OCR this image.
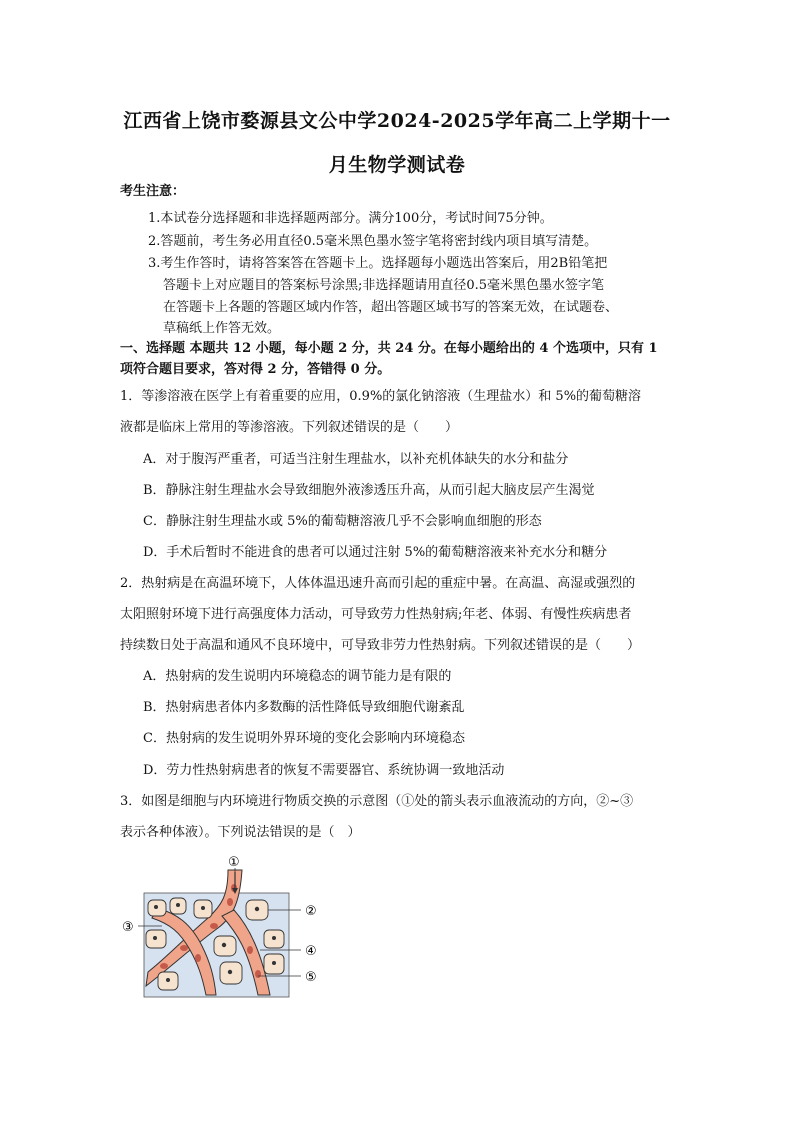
江西省上饶市婺源县文公中学2024-2025学年高二上学期十一
月生物学测试卷
考生注意：
1.本试卷分选择题和非选择题两部分。满分100分，考试时间75分钟。
2.答题前，考生务必用直径0.5毫米黑色墨水签字笔将密封线内项目填写清楚。
3.考生作答时，请将答案答在答题卡上。选择题每小题选出答案后，用2B铅笔把
答题卡上对应题目的答案标号涂黑;非选择题请用直径0.5毫米黑色墨水签字笔
在答题卡上各题的答题区域内作答，超出答题区域书写的答案无效，在试题卷、
草稿纸上作答无效。
一、选择题 本题共 12 小题，每小题 2 分，共 24 分。在每小题给出的 4 个选项中，只有 1
项符合题目要求，答对得 2 分，答错得 0 分。
1．等渗溶液在医学上有着重要的应用，0.9%的氯化钠溶液（生理盐水）和 5%的葡萄糖溶
液都是临床上常用的等渗溶液。下列叙述错误的是（　　）
A．对于腹泻严重者，可适当注射生理盐水，以补充机体缺失的水分和盐分
B．静脉注射生理盐水会导致细胞外液渗透压升高，从而引起大脑皮层产生渴觉
C．静脉注射生理盐水或 5%的葡萄糖溶液几乎不会影响血细胞的形态
D．手术后暂时不能进食的患者可以通过注射 5%的葡萄糖溶液来补充水分和糖分
2．热射病是在高温环境下，人体体温迅速升高而引起的重症中暑。在高温、高湿或强烈的
太阳照射环境下进行高强度体力活动，可导致劳力性热射病;年老、体弱、有慢性疾病患者
持续数日处于高温和通风不良环境中，可导致非劳力性热射病。下列叙述错误的是（　　）
A．热射病的发生说明内环境稳态的调节能力是有限的
B．热射病患者体内多数酶的活性降低导致细胞代谢紊乱
C．热射病的发生说明外界环境的变化会影响内环境稳态
D．劳力性热射病患者的恢复不需要器官、系统协调一致地活动
3．如图是细胞与内环境进行物质交换的示意图（①处的箭头表示血液流动的方向，②~③
表示各种体液）。下列说法错误的是（　）
①
②
③
④
⑤
